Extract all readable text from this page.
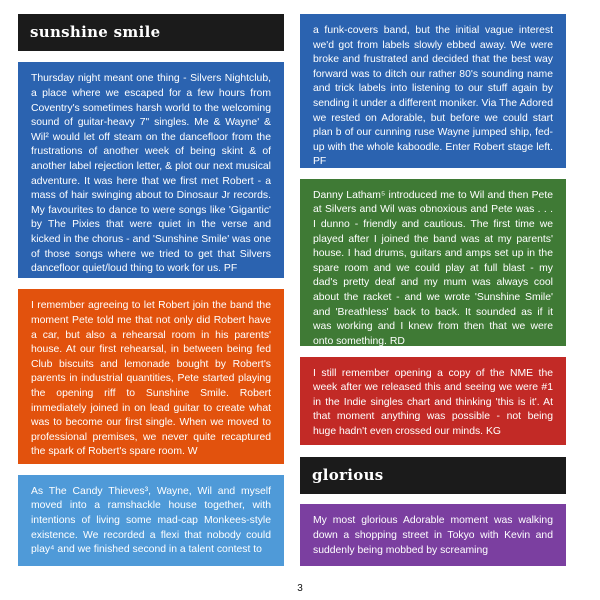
sunshine smile
Thursday night meant one thing - Silvers Nightclub, a place where we escaped for a few hours from Coventry's sometimes harsh world to the welcoming sound of guitar-heavy 7" singles. Me & Wayne' & Wil² would let off steam on the dancefloor from the frustrations of another week of being skint & of another label rejection letter, & plot our next musical adventure. It was here that we first met Robert - a mass of hair swinging about to Dinosaur Jr records. My favourites to dance to were songs like 'Gigantic' by The Pixies that were quiet in the verse and kicked in the chorus - and 'Sunshine Smile' was one of those songs where we tried to get that Silvers dancefloor quiet/loud thing to work for us. PF
I remember agreeing to let Robert join the band the moment Pete told me that not only did Robert have a car, but also a rehearsal room in his parents' house. At our first rehearsal, in between being fed Club biscuits and lemonade bought by Robert's parents in industrial quantities, Pete started playing the opening riff to Sunshine Smile. Robert immediately joined in on lead guitar to create what was to become our first single. When we moved to professional premises, we never quite recaptured the spark of Robert's spare room. W
As The Candy Thieves³, Wayne, Wil and myself moved into a ramshackle house together, with intentions of living some mad-cap Monkees-style existence. We recorded a flexi that nobody could play⁴ and we finished second in a talent contest to
a funk-covers band, but the initial vague interest we'd got from labels slowly ebbed away. We were broke and frustrated and decided that the best way forward was to ditch our rather 80's sounding name and trick labels into listening to our stuff again by sending it under a different moniker. Via The Adored we rested on Adorable, but before we could start plan b of our cunning ruse Wayne jumped ship, fed-up with the whole kaboodle. Enter Robert stage left. PF
Danny Latham⁵ introduced me to Wil and then Pete at Silvers and Wil was obnoxious and Pete was . . . I dunno - friendly and cautious. The first time we played after I joined the band was at my parents' house. I had drums, guitars and amps set up in the spare room and we could play at full blast - my dad's pretty deaf and my mum was always cool about the racket - and we wrote 'Sunshine Smile' and 'Breathless' back to back. It sounded as if it was working and I knew from then that we were onto something. RD
I still remember opening a copy of the NME the week after we released this and seeing we were #1 in the Indie singles chart and thinking 'this is it'. At that moment anything was possible - not being huge hadn't even crossed our minds. KG
glorious
My most glorious Adorable moment was walking down a shopping street in Tokyo with Kevin and suddenly being mobbed by screaming
3
